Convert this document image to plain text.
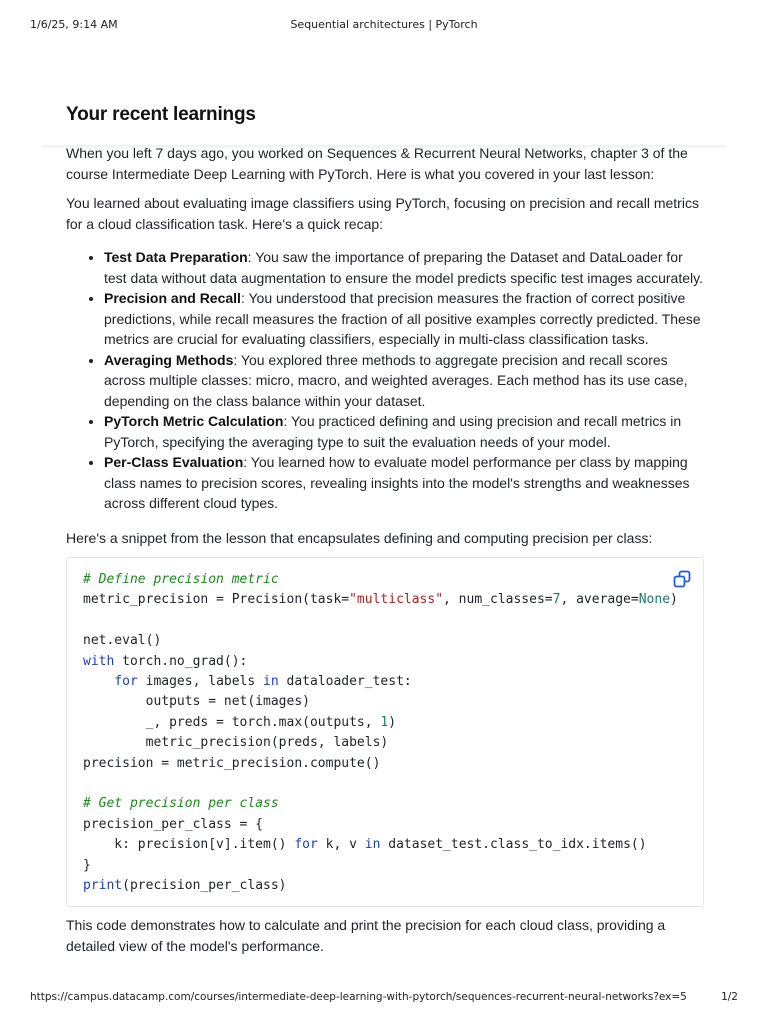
1/6/25, 9:14 AM	Sequential architectures | PyTorch
Your recent learnings

When you left 7 days ago, you worked on Sequences & Recurrent Neural Networks, chapter 3 of the course Intermediate Deep Learning with PyTorch. Here is what you covered in your last lesson:

You learned about evaluating image classifiers using PyTorch, focusing on precision and recall metrics for a cloud classification task. Here's a quick recap:

• Test Data Preparation: You saw the importance of preparing the Dataset and DataLoader for test data without data augmentation to ensure the model predicts specific test images accurately.
• Precision and Recall: You understood that precision measures the fraction of correct positive predictions, while recall measures the fraction of all positive examples correctly predicted. These metrics are crucial for evaluating classifiers, especially in multi-class classification tasks.
• Averaging Methods: You explored three methods to aggregate precision and recall scores across multiple classes: micro, macro, and weighted averages. Each method has its use case, depending on the class balance within your dataset.
• PyTorch Metric Calculation: You practiced defining and using precision and recall metrics in PyTorch, specifying the averaging type to suit the evaluation needs of your model.
• Per-Class Evaluation: You learned how to evaluate model performance per class by mapping class names to precision scores, revealing insights into the model's strengths and weaknesses across different cloud types.

Here's a snippet from the lesson that encapsulates defining and computing precision per class:

# Define precision metric
metric_precision = Precision(task="multiclass", num_classes=7, average=None)
net.eval()
with torch.no_grad():
for images, labels in dataloader_test:
outputs = net(images)
_, preds = torch.max(outputs, 1)
metric_precision(preds, labels)
precision = metric_precision.compute()
# Get precision per class
precision_per_class = {
k: precision[v].item() for k, v in dataset_test.class_to_idx.items()
}
print(precision_per_class)

This code demonstrates how to calculate and print the precision for each cloud class, providing a detailed view of the model's performance.

https://campus.datacamp.com/courses/intermediate-deep-learning-with-pytorch/sequences-recurrent-neural-networks?ex=5	1/2
